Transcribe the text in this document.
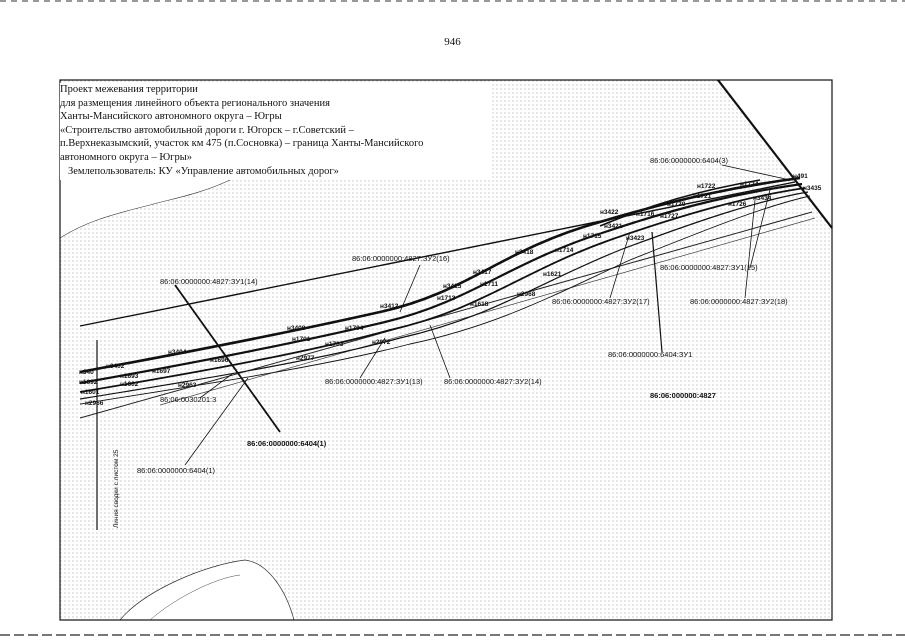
946
Линия сводки с листом 25
86:06:0000000:6404(3)
86:06:0000000:4827:ЗУ1(14)
86:06:0000000:4827:ЗУ2(16)
86:06:0000000:4827:ЗУ1(15)
86:06:0000000:4827:ЗУ2(17)	86:06:0000000:4827:ЗУ2(18)
86:06:0000000:6404:ЗУ1
86:06:000000:4827
86:06:0000000:4827:ЗУ1(13)	86:06:0000000:4827:ЗУ2(14)
86:06:0030201:3
86:06:0000000:6404(1)
86:06:0000000:6404(1)
н491
н3435
н1722	н1724
н1721
н1720
н3434
н1726
н3422	н1716 н1727
н3421
н1715	н3423
н3418	н1714
н1621
н3417
н1711
н2968
н3415
н1713
н1618
н3412
н3408	н1704
н1701	н2972
н1703
н2977
н3404
н3402
н1696
н1693
н2963
н340	н1697
н1692
н2966
н1601
н1602
Проект межевания территории
для размещения линейного объекта регионального значения
Ханты-Мансийского автономного округа – Югры
«Строительство автомобильной дороги г. Югорск – г.Советский –
п.Верхнеказымский, участок км 475 (п.Сосновка) – граница Ханты-Мансийского
автономного округа – Югры»
Землепользователь: КУ «Управление автомобильных дорог»
